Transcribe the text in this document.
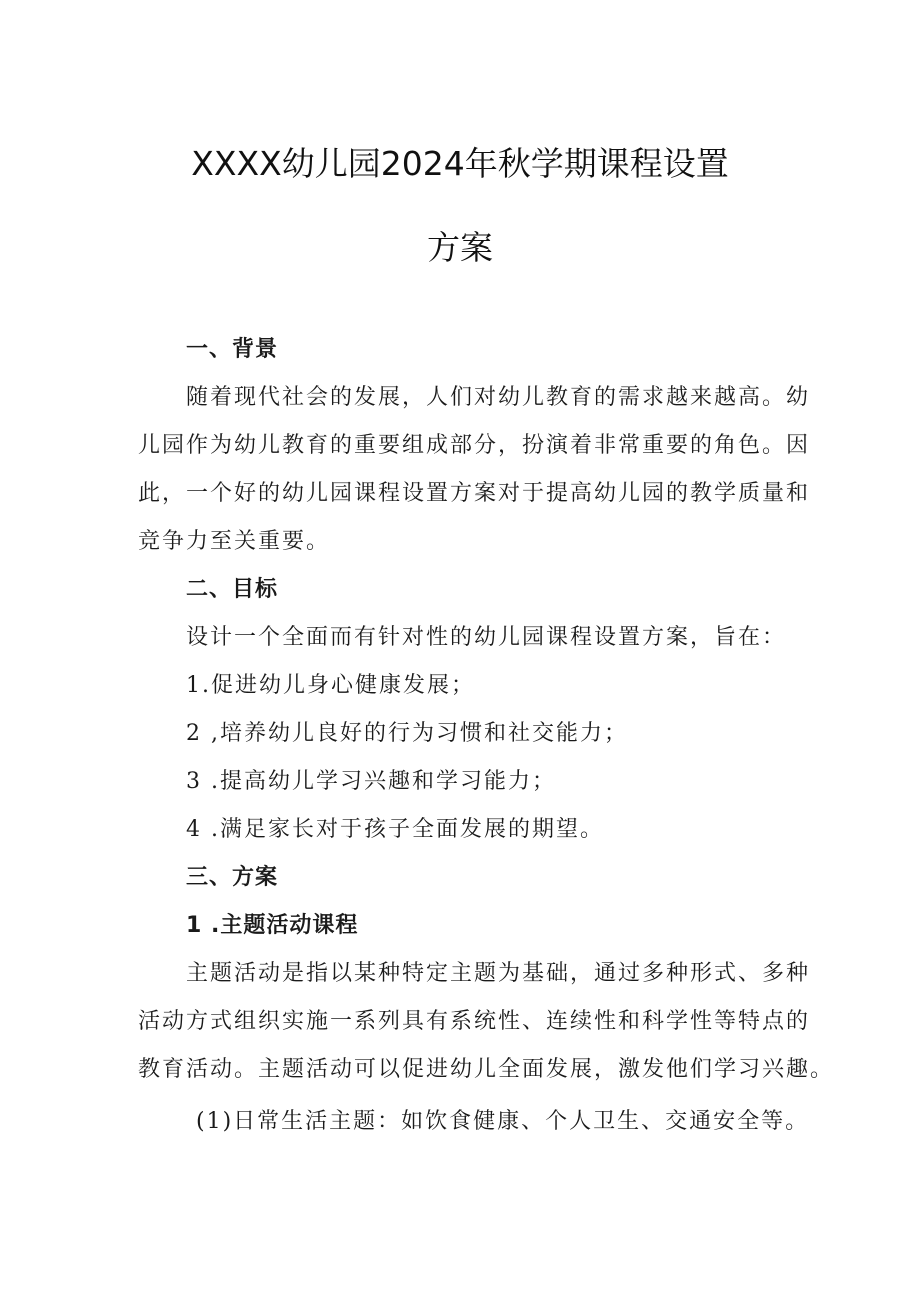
XXXX幼儿园2024年秋学期课程设置
方案
一、背景
随着现代社会的发展，人们对幼儿教育的需求越来越高。幼
儿园作为幼儿教育的重要组成部分，扮演着非常重要的角色。因
此，一个好的幼儿园课程设置方案对于提高幼儿园的教学质量和
竞争力至关重要。
二、目标
设计一个全面而有针对性的幼儿园课程设置方案，旨在：
1.促进幼儿身心健康发展；
2 ,培养幼儿良好的行为习惯和社交能力；
3 .提高幼儿学习兴趣和学习能力；
4 .满足家长对于孩子全面发展的期望。
三、方案
1 .主题活动课程
主题活动是指以某种特定主题为基础，通过多种形式、多种
活动方式组织实施一系列具有系统性、连续性和科学性等特点的
教育活动。主题活动可以促进幼儿全面发展，激发他们学习兴趣。
(1)日常生活主题：如饮食健康、个人卫生、交通安全等。
